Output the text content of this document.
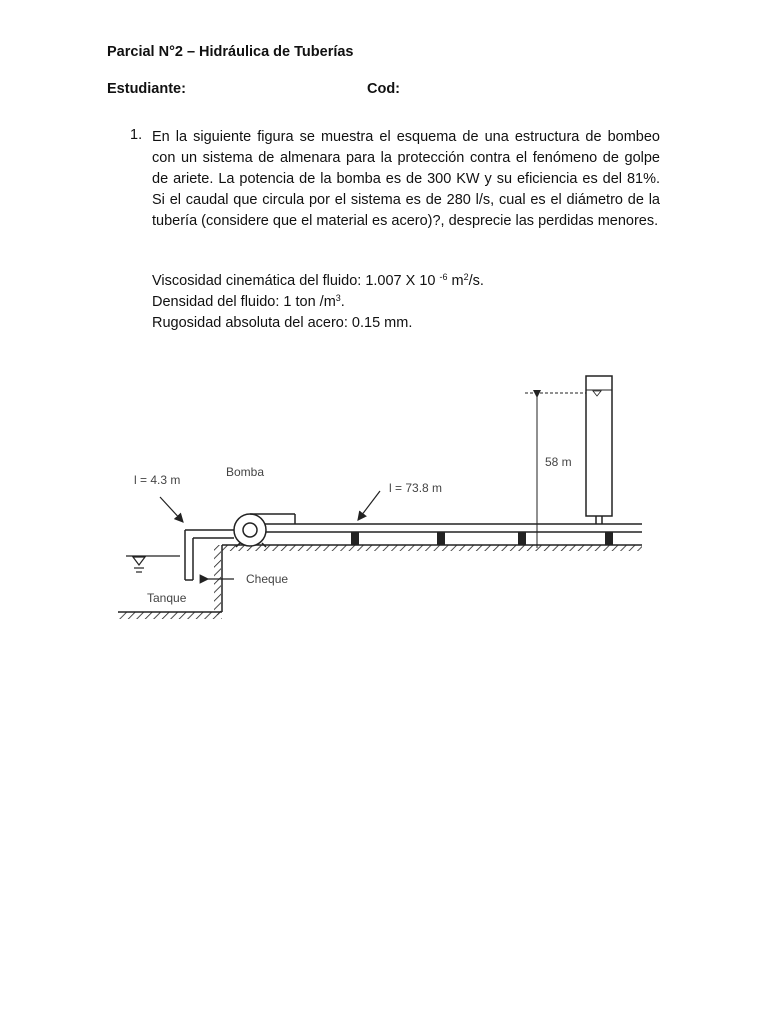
Parcial N°2 – Hidráulica de Tuberías
Estudiante:	Cod:
1. En la siguiente figura se muestra el esquema de una estructura de bombeo con un sistema de almenara para la protección contra el fenómeno de golpe de ariete. La potencia de la bomba es de 300 KW y su eficiencia es del 81%. Si el caudal que circula por el sistema es de 280 l/s, cual es el diámetro de la tubería (considere que el material es acero)?, desprecie las perdidas menores.
Viscosidad cinemática del fluido: 1.007 X 10 $^{-6}$ $m^2/s$.
Densidad del fluido: 1 ton $/m^3$.
Rugosidad absoluta del acero: 0.15 mm.
l = 4.3 m
Bomba
l = 73.8 m
58 m
Cheque
Tanque
